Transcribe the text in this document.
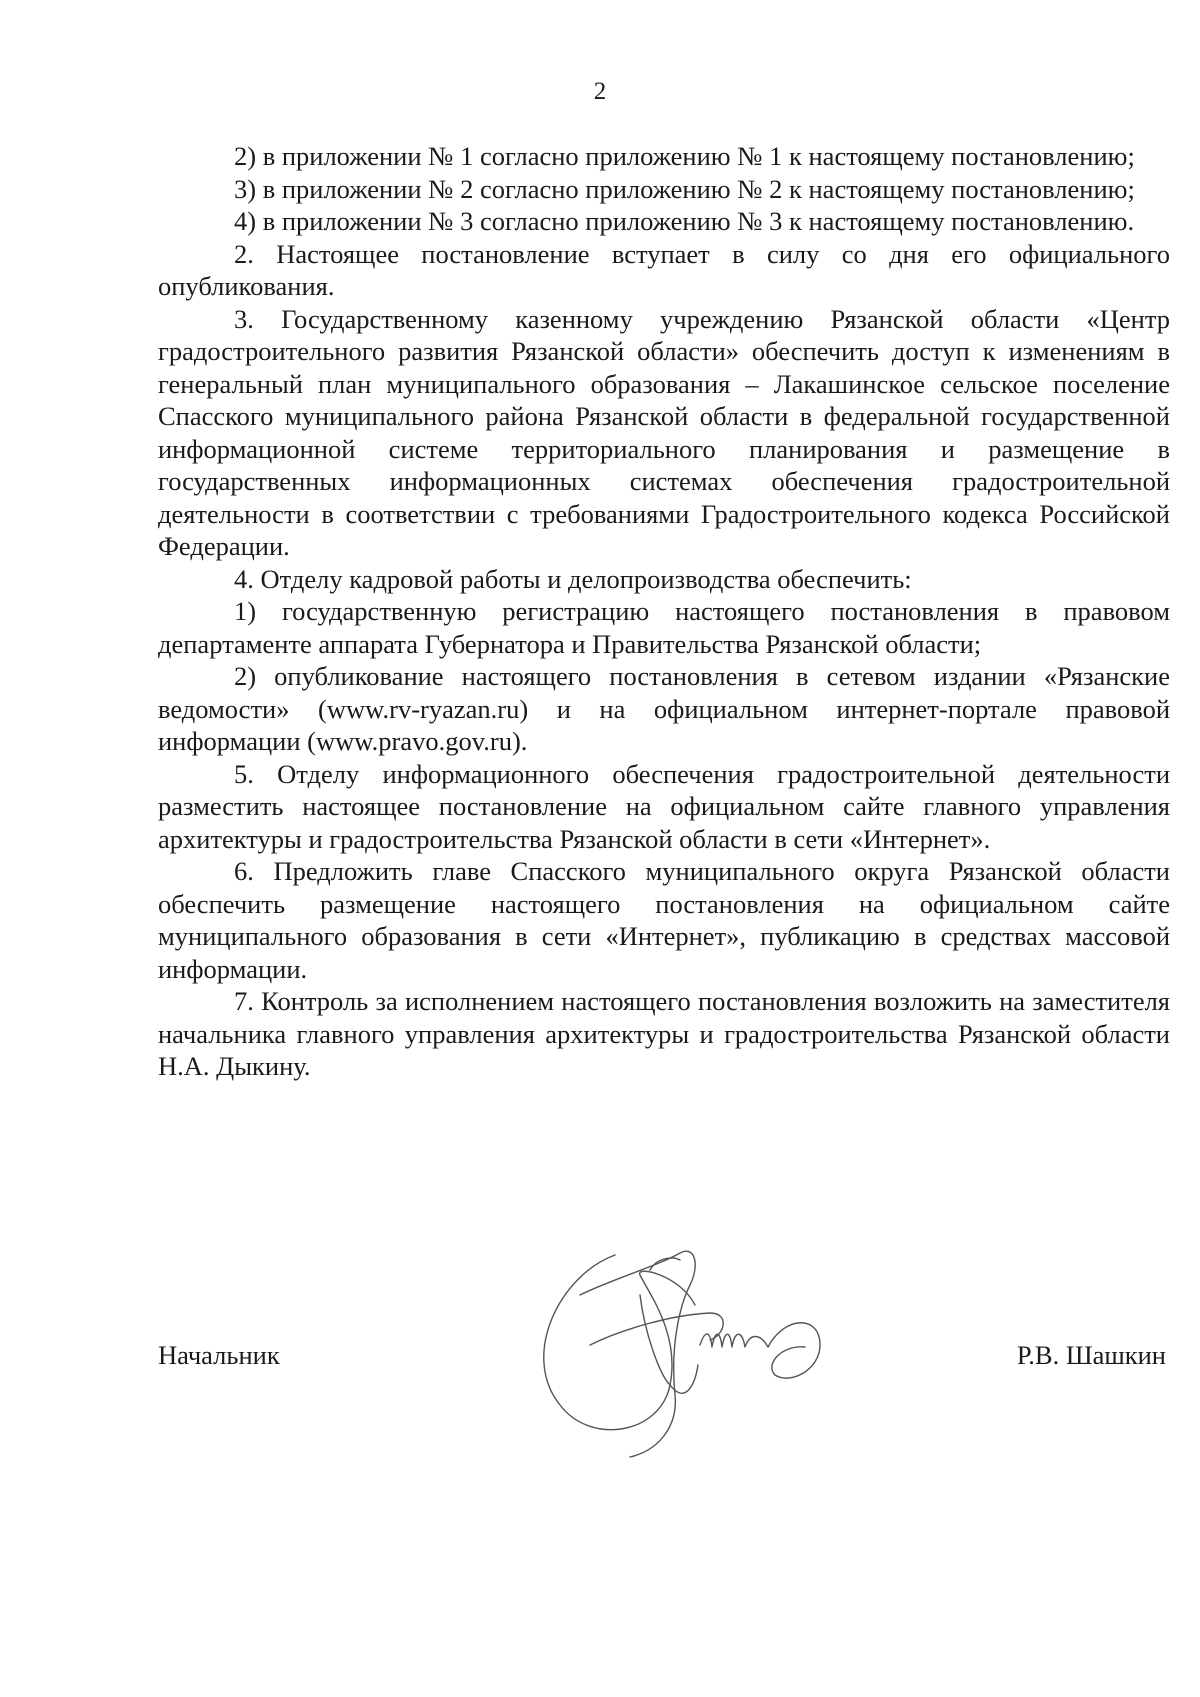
2

2) в приложении № 1 согласно приложению № 1 к настоящему постановлению;

3) в приложении № 2 согласно приложению № 2 к настоящему постановлению;

4) в приложении № 3 согласно приложению № 3 к настоящему постановлению.

2. Настоящее постановление вступает в силу со дня его официального опубликования.

3. Государственному казенному учреждению Рязанской области «Центр градостроительного развития Рязанской области» обеспечить доступ к изменениям в генеральный план муниципального образования – Лакашинское сельское поселение Спасского муниципального района Рязанской области в федеральной государственной информационной системе территориального планирования и размещение в государственных информационных системах обеспечения градостроительной деятельности в соответствии с требованиями Градостроительного кодекса Российской Федерации.

4. Отделу кадровой работы и делопроизводства обеспечить:

1) государственную регистрацию настоящего постановления в правовом департаменте аппарата Губернатора и Правительства Рязанской области;

2) опубликование настоящего постановления в сетевом издании «Рязанские ведомости» (www.rv-ryazan.ru) и на официальном интернет-портале правовой информации (www.pravo.gov.ru).

5. Отделу информационного обеспечения градостроительной деятельности разместить настоящее постановление на официальном сайте главного управления архитектуры и градостроительства Рязанской области в сети «Интернет».

6. Предложить главе Спасского муниципального округа Рязанской области обеспечить размещение настоящего постановления на официальном сайте муниципального образования в сети «Интернет», публикацию в средствах массовой информации.

7. Контроль за исполнением настоящего постановления возложить на заместителя начальника главного управления архитектуры и градостроительства Рязанской области Н.А. Дыкину.

Начальник	Р.В. Шашкин
